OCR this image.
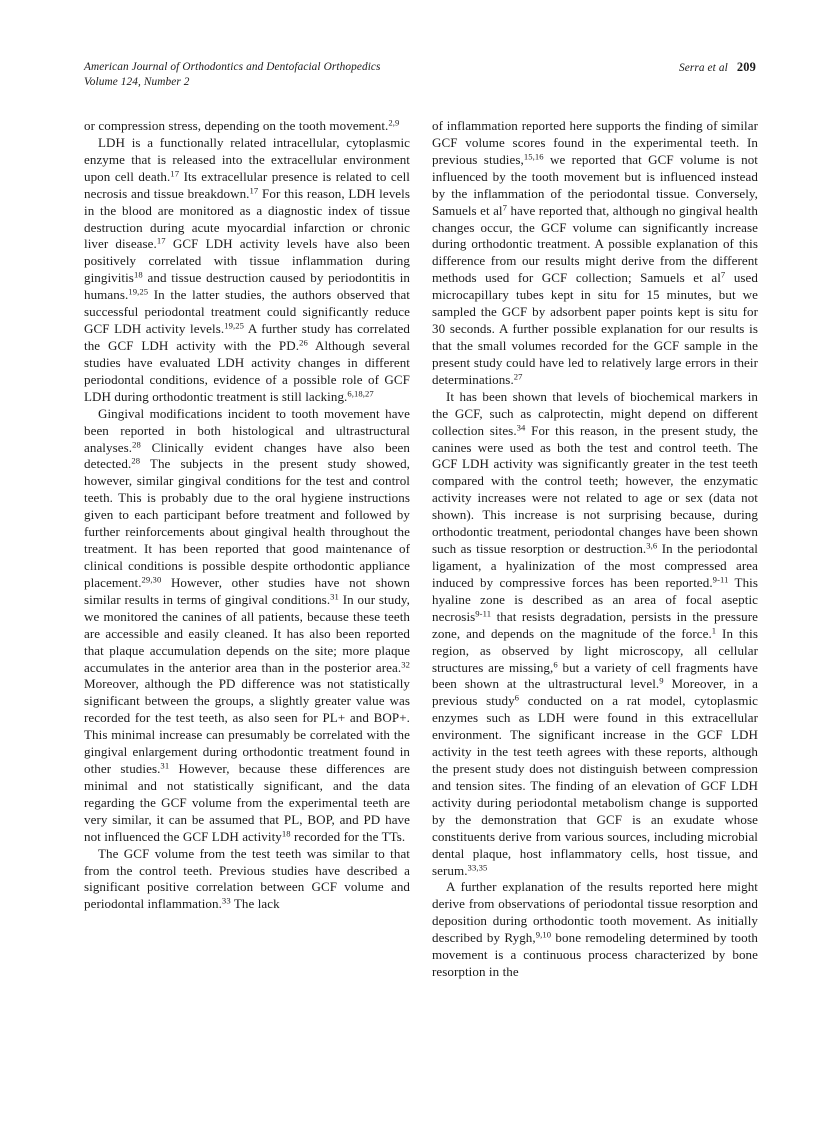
American Journal of Orthodontics and Dentofacial Orthopedics
Volume 124, Number 2
Serra et al 209

or compression stress, depending on the tooth movement.$^{2,9}$

LDH is a functionally related intracellular, cytoplasmic enzyme that is released into the extracellular environment upon cell death.$^{17}$ Its extracellular presence is related to cell necrosis and tissue breakdown.$^{17}$ For this reason, LDH levels in the blood are monitored as a diagnostic index of tissue destruction during acute myocardial infarction or chronic liver disease.$^{17}$ GCF LDH activity levels have also been positively correlated with tissue inflammation during gingivitis$^{18}$ and tissue destruction caused by periodontitis in humans.$^{19,25}$ In the latter studies, the authors observed that successful periodontal treatment could significantly reduce GCF LDH activity levels.$^{19,25}$ A further study has correlated the GCF LDH activity with the PD.$^{26}$ Although several studies have evaluated LDH activity changes in different periodontal conditions, evidence of a possible role of GCF LDH during orthodontic treatment is still lacking.$^{6,18,27}$

Gingival modifications incident to tooth movement have been reported in both histological and ultrastructural analyses.$^{28}$ Clinically evident changes have also been detected.$^{28}$ The subjects in the present study showed, however, similar gingival conditions for the test and control teeth. This is probably due to the oral hygiene instructions given to each participant before treatment and followed by further reinforcements about gingival health throughout the treatment. It has been reported that good maintenance of clinical conditions is possible despite orthodontic appliance placement.$^{29,30}$ However, other studies have not shown similar results in terms of gingival conditions.$^{31}$ In our study, we monitored the canines of all patients, because these teeth are accessible and easily cleaned. It has also been reported that plaque accumulation depends on the site; more plaque accumulates in the anterior area than in the posterior area.$^{32}$ Moreover, although the PD difference was not statistically significant between the groups, a slightly greater value was recorded for the test teeth, as also seen for PL+ and BOP+. This minimal increase can presumably be correlated with the gingival enlargement during orthodontic treatment found in other studies.$^{31}$ However, because these differences are minimal and not statistically significant, and the data regarding the GCF volume from the experimental teeth are very similar, it can be assumed that PL, BOP, and PD have not influenced the GCF LDH activity$^{18}$ recorded for the TTs.

The GCF volume from the test teeth was similar to that from the control teeth. Previous studies have described a significant positive correlation between GCF volume and periodontal inflammation.$^{33}$ The lack

of inflammation reported here supports the finding of similar GCF volume scores found in the experimental teeth. In previous studies,$^{15,16}$ we reported that GCF volume is not influenced by the tooth movement but is influenced instead by the inflammation of the periodontal tissue. Conversely, Samuels et $al^7$ have reported that, although no gingival health changes occur, the GCF volume can significantly increase during orthodontic treatment. A possible explanation of this difference from our results might derive from the different methods used for GCF collection; Samuels et $al^7$ used microcapillary tubes kept in situ for 15 minutes, but we sampled the GCF by adsorbent paper points kept is situ for 30 seconds. A further possible explanation for our results is that the small volumes recorded for the GCF sample in the present study could have led to relatively large errors in their determinations.$^{27}$

It has been shown that levels of biochemical markers in the GCF, such as calprotectin, might depend on different collection sites.$^{34}$ For this reason, in the present study, the canines were used as both the test and control teeth. The GCF LDH activity was significantly greater in the test teeth compared with the control teeth; however, the enzymatic activity increases were not related to age or sex (data not shown). This increase is not surprising because, during orthodontic treatment, periodontal changes have been shown such as tissue resorption or destruction.$^{3,6}$ In the periodontal ligament, a hyalinization of the most compressed area induced by compressive forces has been reported.$^{9-11}$ This hyaline zone is described as an area of focal aseptic necrosis$^{9-11}$ that resists degradation, persists in the pressure zone, and depends on the magnitude of the force.$^1$ In this region, as observed by light microscopy, all cellular structures are missing,$^6$ but a variety of cell fragments have been shown at the ultrastructural level.$^9$ Moreover, in a previous study$^6$ conducted on a rat model, cytoplasmic enzymes such as LDH were found in this extracellular environment. The significant increase in the GCF LDH activity in the test teeth agrees with these reports, although the present study does not distinguish between compression and tension sites. The finding of an elevation of GCF LDH activity during periodontal metabolism change is supported by the demonstration that GCF is an exudate whose constituents derive from various sources, including microbial dental plaque, host inflammatory cells, host tissue, and serum.$^{33,35}$

A further explanation of the results reported here might derive from observations of periodontal tissue resorption and deposition during orthodontic tooth movement. As initially described by Rygh,$^{9,10}$ bone remodeling determined by tooth movement is a continuous process characterized by bone resorption in the
